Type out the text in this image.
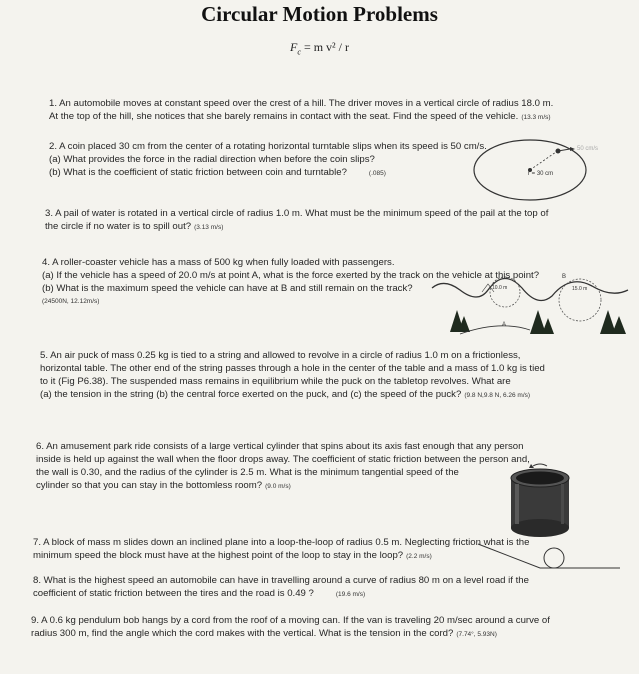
Circular Motion Problems
$F_c = m$ v² / r
1. An automobile moves at constant speed over the crest of a hill. The driver moves in a vertical circle of radius 18.0 m.
At the top of the hill, she notices that she barely remains in contact with the seat. Find the speed of the vehicle. (13.3 m/s)
2. A coin placed 30 cm from the center of a rotating horizontal turntable slips when its speed is 50 cm/s.
(a) What provides the force in the radial direction when before the coin slips?
(b) What is the coefficient of static friction between coin and turntable?	(.085)
50 cm/s
r = 30 cm
3. A pail of water is rotated in a vertical circle of radius 1.0 m. What must be the minimum speed of the pail at the top of
the circle if no water is to spill out? (3.13 m/s)
4. A roller-coaster vehicle has a mass of 500 kg when fully loaded with passengers.
(a) If the vehicle has a speed of 20.0 m/s at point A, what is the force exerted by the track on the vehicle at this point?
(b) What is the maximum speed the vehicle can have at B and still remain on the track?
(24500N, 12.12m/s)
10.0 m	15.0 m
A
B
5. An air puck of mass 0.25 kg is tied to a string and allowed to revolve in a circle of radius 1.0 m on a frictionless,
horizontal table. The other end of the string passes through a hole in the center of the table and a mass of 1.0 kg is tied
to it (Fig P6.38). The suspended mass remains in equilibrium while the puck on the tabletop revolves. What are
(a) the tension in the string (b) the central force exerted on the puck, and (c) the speed of the puck? (9.8 N,9.8 N, 6.26 m/s)
6. An amusement park ride consists of a large vertical cylinder that spins about its axis fast enough that any person
inside is held up against the wall when the floor drops away. The coefficient of static friction between the person and,
the wall is 0.30, and the radius of the cylinder is 2.5 m. What is the minimum tangential speed of the
cylinder so that you can stay in the bottomless room? (9.0 m/s)
7. A block of mass m slides down an inclined plane into a loop-the-loop of radius 0.5 m. Neglecting friction what is the
minimum speed the block must have at the highest point of the loop to stay in the loop? (2.2 m/s)
8. What is the highest speed an automobile can have in travelling around a curve of radius 80 m on a level road if the
coefficient of static friction between the tires and the road is 0.49 ?	(19.6 m/s)
9. A 0.6 kg pendulum bob hangs by a cord from the roof of a moving can. If the van is traveling 20 m/sec around a curve of
radius 300 m, find the angle which the cord makes with the vertical. What is the tension in the cord? (7.74°, 5.93N)
